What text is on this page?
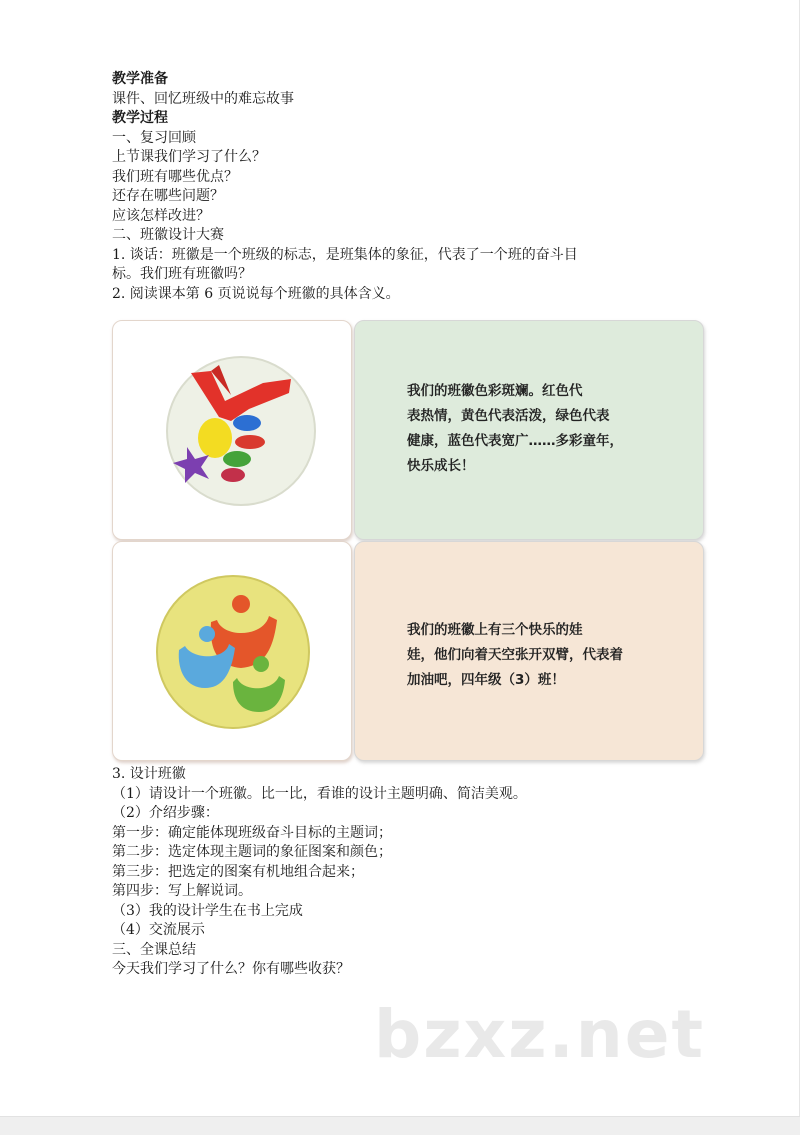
教学准备
课件、回忆班级中的难忘故事
教学过程
一、复习回顾
上节课我们学习了什么？
我们班有哪些优点？
还存在哪些问题？
应该怎样改进？
二、班徽设计大赛
1. 谈话：班徽是一个班级的标志，是班集体的象征，代表了一个班的奋斗目
标。我们班有班徽吗？
2. 阅读课本第 6 页说说每个班徽的具体含义。
我们的班徽色彩斑斓。红色代
表热情，黄色代表活泼，绿色代表
健康，蓝色代表宽广……多彩童年，
快乐成长！
我们的班徽上有三个快乐的娃
娃，他们向着天空张开双臂，代表着
加油吧，四年级（3）班！
3. 设计班徽
（1）请设计一个班徽。比一比，看谁的设计主题明确、简洁美观。
（2）介绍步骤：
第一步：确定能体现班级奋斗目标的主题词；
第二步：选定体现主题词的象征图案和颜色；
第三步：把选定的图案有机地组合起来；
第四步：写上解说词。
（3）我的设计学生在书上完成
（4）交流展示
三、全课总结
今天我们学习了什么？你有哪些收获？
bzxz.net
